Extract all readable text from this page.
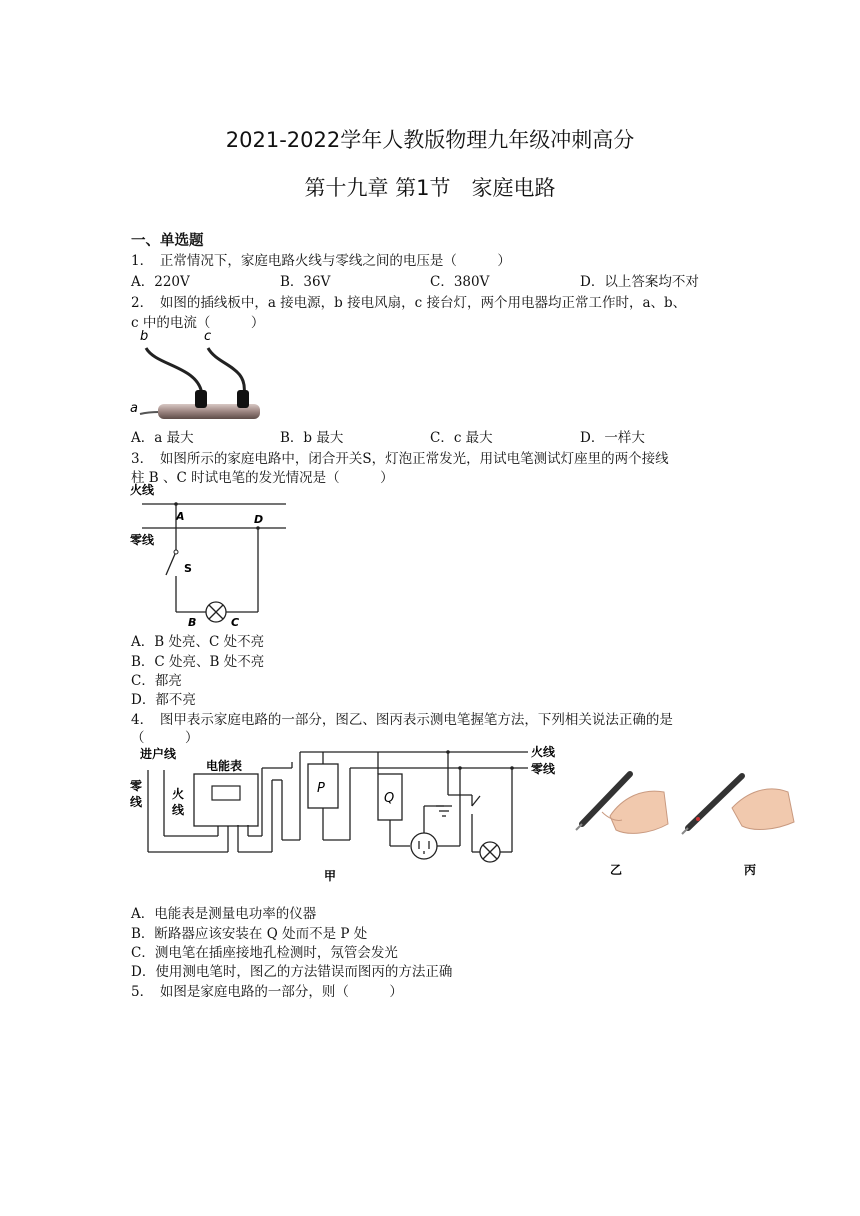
2021-2022学年人教版物理九年级冲刺高分
第十九章 第1节　家庭电路
一、单选题
1．　正常情况下，家庭电路火线与零线之间的电压是（　　　）
A．220V	B．36V	C．380V	D．以上答案均不对
2．　如图的插线板中，a 接电源，b 接电风扇，c 接台灯，两个用电器均正常工作时，a、b、
c 中的电流（　　　）
b	c
a
A．a 最大	B．b 最大	C．c 最大	D．一样大
3．　如图所示的家庭电路中，闭合开关S，灯泡正常发光，用试电笔测试灯座里的两个接线
柱 B 、C 时试电笔的发光情况是（　　　）
火线
零线
A	D
S
B	C
A．B 处亮、C 处不亮
B．C 处亮、B 处不亮
C．都亮
D．都不亮
4．　图甲表示家庭电路的一部分，图乙、图丙表示测电笔握笔方法，下列相关说法正确的是
（　　　）
进户线
零
线
火
线
电能表
P
火线
零线
Q
甲	乙	丙
A．电能表是测量电功率的仪器
B．断路器应该安装在 Q 处而不是 P 处
C．测电笔在插座接地孔检测时，氖管会发光
D．使用测电笔时，图乙的方法错误而图丙的方法正确
5．　如图是家庭电路的一部分，则（　　　）
